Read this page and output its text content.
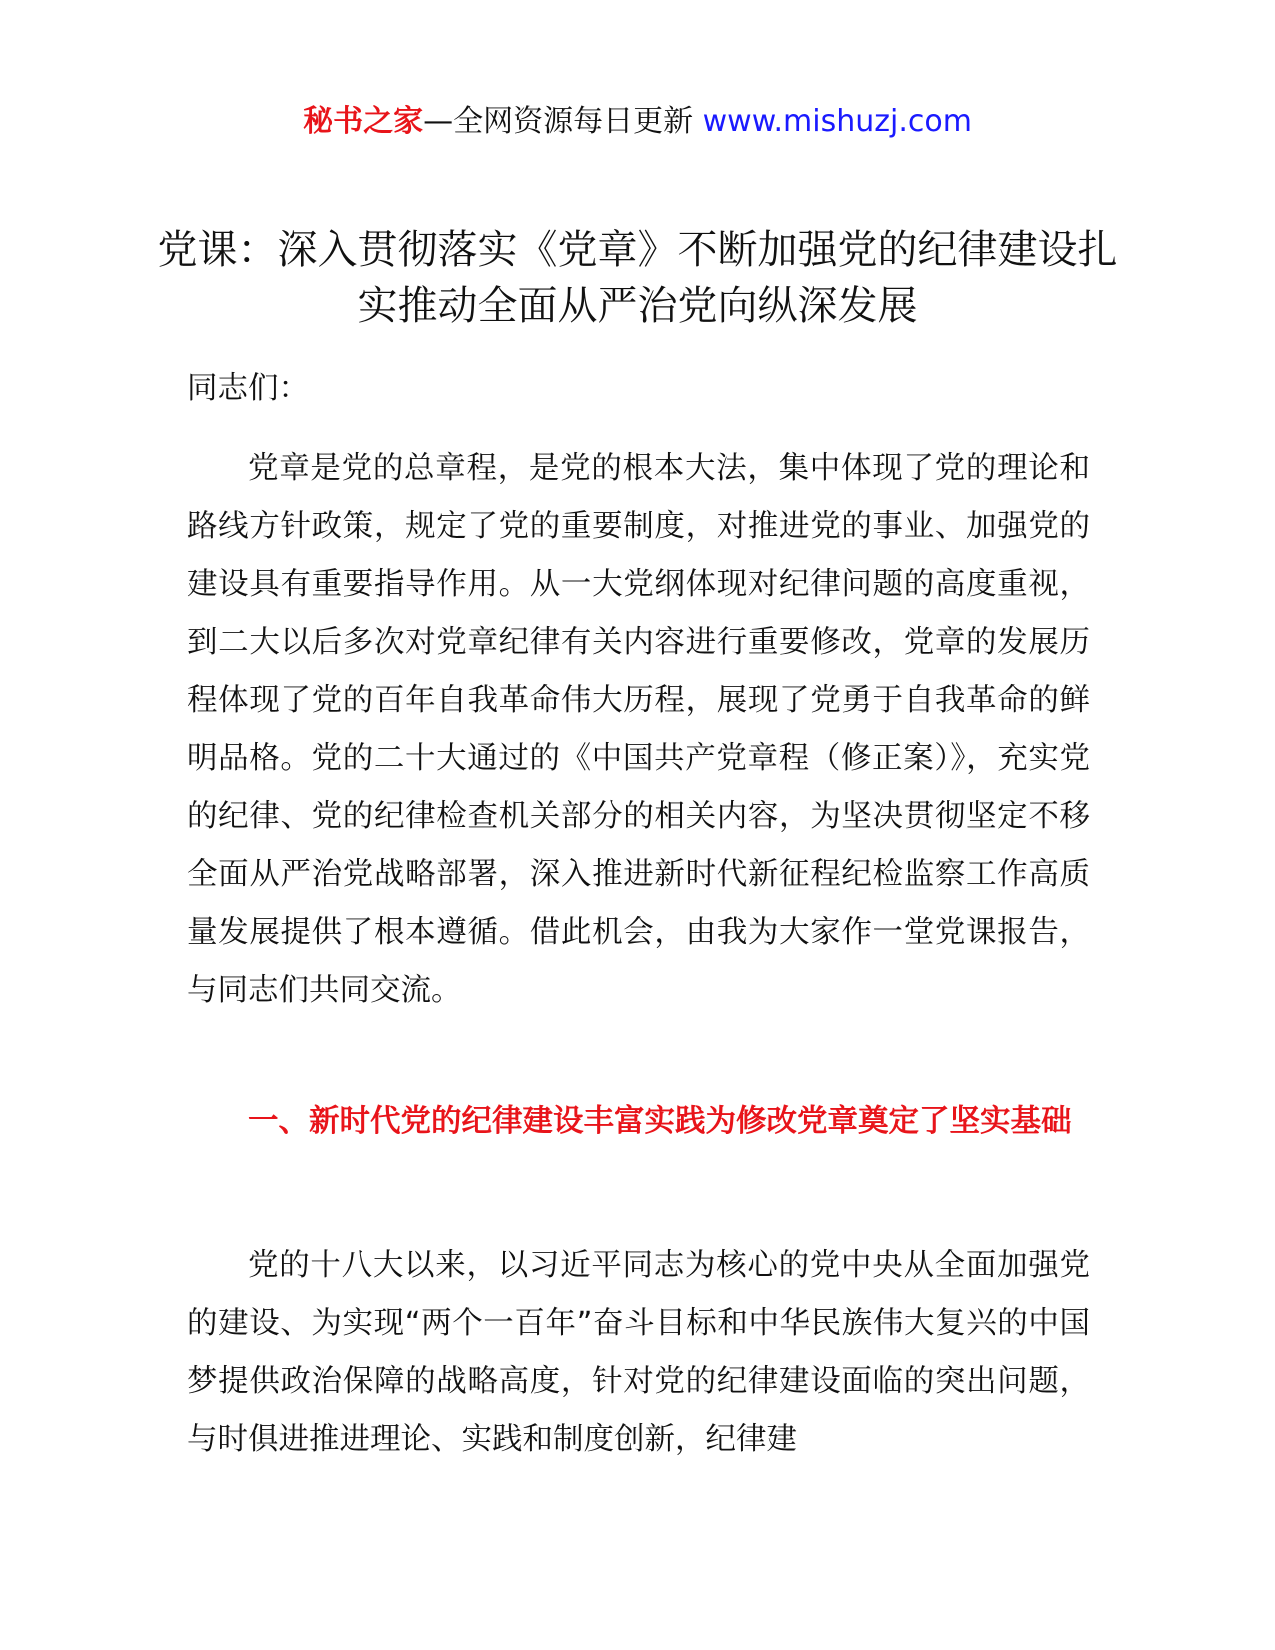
秘书之家—全网资源每日更新 www.mishuzj.com
党课：深入贯彻落实《党章》不断加强党的纪律建设扎实推动全面从严治党向纵深发展
同志们：
党章是党的总章程，是党的根本大法，集中体现了党的理论和路线方针政策，规定了党的重要制度，对推进党的事业、加强党的建设具有重要指导作用。从一大党纲体现对纪律问题的高度重视，到二大以后多次对党章纪律有关内容进行重要修改，党章的发展历程体现了党的百年自我革命伟大历程，展现了党勇于自我革命的鲜明品格。党的二十大通过的《中国共产党章程（修正案）》，充实党的纪律、党的纪律检查机关部分的相关内容，为坚决贯彻坚定不移全面从严治党战略部署，深入推进新时代新征程纪检监察工作高质量发展提供了根本遵循。借此机会，由我为大家作一堂党课报告，与同志们共同交流。
一、新时代党的纪律建设丰富实践为修改党章奠定了坚实基础
党的十八大以来，以习近平同志为核心的党中央从全面加强党的建设、为实现“两个一百年”奋斗目标和中华民族伟大复兴的中国梦提供政治保障的战略高度，针对党的纪律建设面临的突出问题，与时俱进推进理论、实践和制度创新，纪律建
